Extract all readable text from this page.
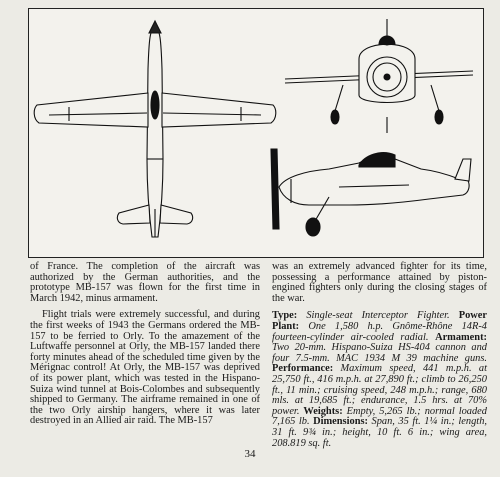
of France. The completion of the aircraft was authorized by the German authorities, and the prototype MB-157 was flown for the first time in March 1942, minus armament.

Flight trials were extremely successful, and during the first weeks of 1943 the Germans ordered the MB-157 to be ferried to Orly. To the amazement of the Luftwaffe personnel at Orly, the MB-157 landed there forty minutes ahead of the scheduled time given by the Mérignac control! At Orly, the MB-157 was deprived of its power plant, which was tested in the Hispano-Suiza wind tunnel at Bois-Colombes and subsequently shipped to Germany. The airframe remained in one of the two Orly airship hangers, where it was later destroyed in an Allied air raid. The MB-157

was an extremely advanced fighter for its time, possessing a performance attained by piston-engined fighters only during the closing stages of the war.

Type: Single-seat Interceptor Fighter. Power Plant: One 1,580 h.p. Gnôme-Rhône 14R-4 fourteen-cylinder air-cooled radial. Armament: Two 20-mm. Hispano-Suiza HS-404 cannon and four 7.5-mm. MAC 1934 M 39 machine guns. Performance: Maximum speed, 441 m.p.h. at 25,750 ft., 416 m.p.h. at 27,890 ft.; climb to 26,250 ft., 11 min.; cruising speed, 248 m.p.h.; range, 680 mls. at 19,685 ft.; endurance, 1.5 hrs. at 70% power. Weights: Empty, 5,265 lb.; normal loaded 7,165 lb. Dimensions: Span, 35 ft. 1¼ in.; length, 31 ft. 9¾ in.; height, 10 ft. 6 in.; wing area, 208.819 sq. ft.

34
